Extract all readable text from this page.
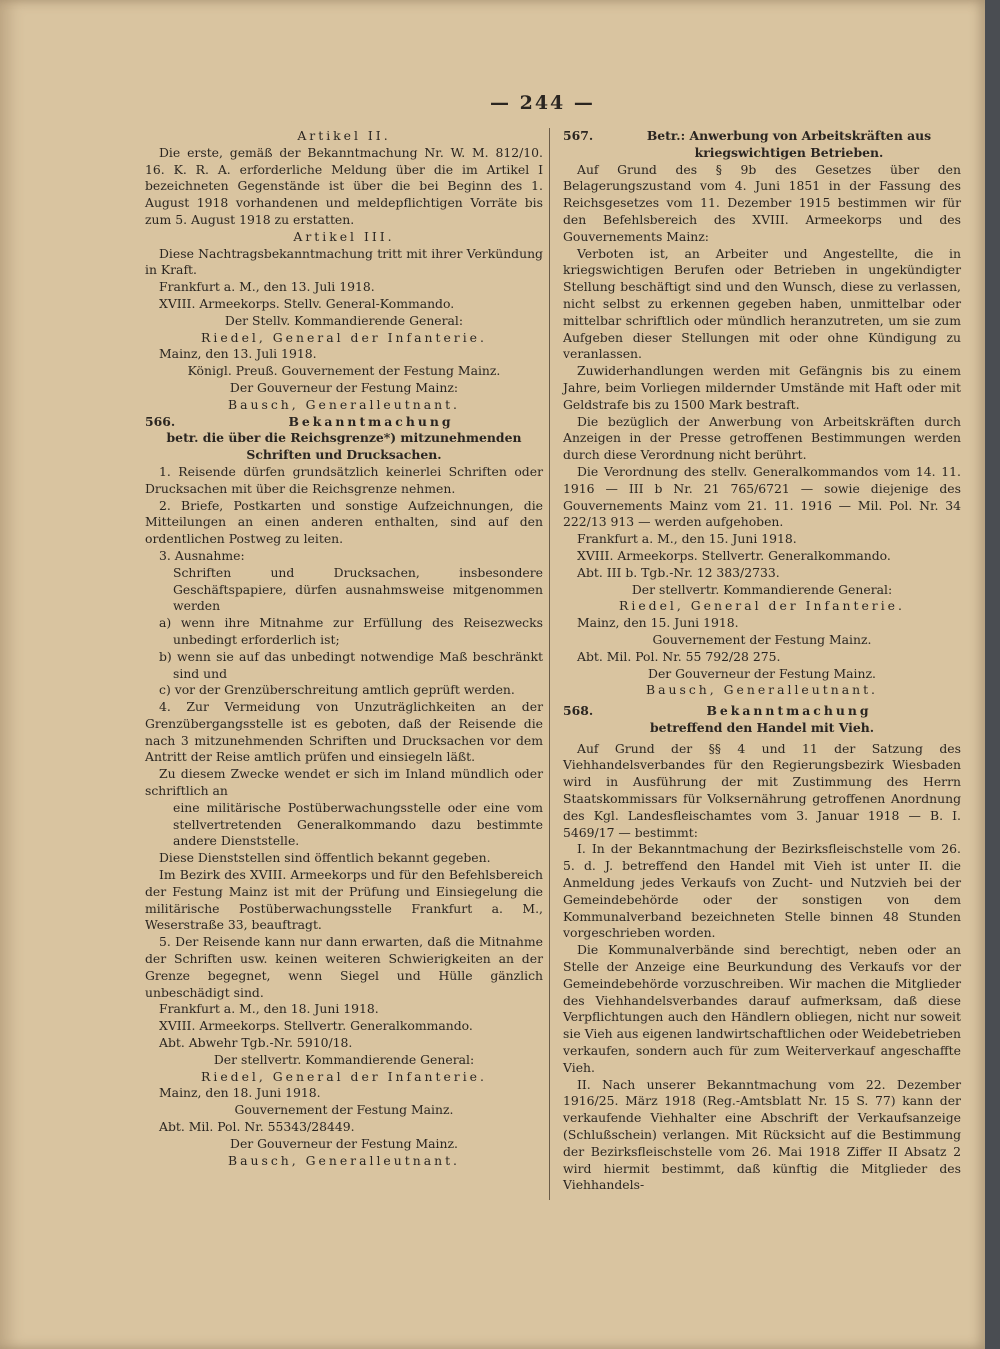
— 244 —

Artikel II.

Die erste, gemäß der Bekanntmachung Nr. W. M. 812/10. 16. K. R. A. erforderliche Meldung über die im Artikel I bezeichneten Gegenstände ist über die bei Beginn des 1. August 1918 vorhandenen und meldepflichtigen Vorräte bis zum 5. August 1918 zu erstatten.

Artikel III.

Diese Nachtragsbekanntmachung tritt mit ihrer Verkündung in Kraft.

Frankfurt a. M., den 13. Juli 1918.

XVIII. Armeekorps. Stellv. General-Kommando.

Der Stellv. Kommandierende General:

Riedel, General der Infanterie.

Mainz, den 13. Juli 1918.

Königl. Preuß. Gouvernement der Festung Mainz.

Der Gouverneur der Festung Mainz:

Bausch, Generalleutnant.

566.	Bekanntmachung

betr. die über die Reichsgrenze*) mitzunehmenden Schriften und Drucksachen.

1. Reisende dürfen grundsätzlich keinerlei Schriften oder Drucksachen mit über die Reichsgrenze nehmen.

2. Briefe, Postkarten und sonstige Aufzeichnungen, die Mitteilungen an einen anderen enthalten, sind auf den ordentlichen Postweg zu leiten.

3. Ausnahme:

Schriften und Drucksachen, insbesondere Geschäftspapiere, dürfen ausnahmsweise mitgenommen werden

a) wenn ihre Mitnahme zur Erfüllung des Reisezwecks unbedingt erforderlich ist;

b) wenn sie auf das unbedingt notwendige Maß beschränkt sind und

c) vor der Grenzüberschreitung amtlich geprüft werden.

4. Zur Vermeidung von Unzuträglichkeiten an der Grenzübergangsstelle ist es geboten, daß der Reisende die nach 3 mitzunehmenden Schriften und Drucksachen vor dem Antritt der Reise amtlich prüfen und einsiegeln läßt.

Zu diesem Zwecke wendet er sich im Inland mündlich oder schriftlich an

eine militärische Postüberwachungsstelle oder eine vom stellvertretenden Generalkommando dazu bestimmte andere Dienststelle.

Diese Dienststellen sind öffentlich bekannt gegeben.

Im Bezirk des XVIII. Armeekorps und für den Befehlsbereich der Festung Mainz ist mit der Prüfung und Einsiegelung die militärische Postüberwachungsstelle Frankfurt a. M., Weserstraße 33, beauftragt.

5. Der Reisende kann nur dann erwarten, daß die Mitnahme der Schriften usw. keinen weiteren Schwierigkeiten an der Grenze begegnet, wenn Siegel und Hülle gänzlich unbeschädigt sind.

Frankfurt a. M., den 18. Juni 1918.

XVIII. Armeekorps. Stellvertr. Generalkommando.

Abt. Abwehr Tgb.-Nr. 5910/18.

Der stellvertr. Kommandierende General:

Riedel, General der Infanterie.

Mainz, den 18. Juni 1918.

Gouvernement der Festung Mainz.

Abt. Mil. Pol. Nr. 55343/28449.

Der Gouverneur der Festung Mainz.

Bausch, Generalleutnant.

567.	Betr.: Anwerbung von Arbeitskräften aus kriegswichtigen Betrieben.

Auf Grund des § 9b des Gesetzes über den Belagerungszustand vom 4. Juni 1851 in der Fassung des Reichsgesetzes vom 11. Dezember 1915 bestimmen wir für den Befehlsbereich des XVIII. Armeekorps und des Gouvernements Mainz:

Verboten ist, an Arbeiter und Angestellte, die in kriegswichtigen Berufen oder Betrieben in ungekündigter Stellung beschäftigt sind und den Wunsch, diese zu verlassen, nicht selbst zu erkennen gegeben haben, unmittelbar oder mittelbar schriftlich oder mündlich heranzutreten, um sie zum Aufgeben dieser Stellungen mit oder ohne Kündigung zu veranlassen.

Zuwiderhandlungen werden mit Gefängnis bis zu einem Jahre, beim Vorliegen mildernder Umstände mit Haft oder mit Geldstrafe bis zu 1500 Mark bestraft.

Die bezüglich der Anwerbung von Arbeitskräften durch Anzeigen in der Presse getroffenen Bestimmungen werden durch diese Verordnung nicht berührt.

Die Verordnung des stellv. Generalkommandos vom 14. 11. 1916 — III b Nr. 21 765/6721 — sowie diejenige des Gouvernements Mainz vom 21. 11. 1916 — Mil. Pol. Nr. 34 222/13 913 — werden aufgehoben.

Frankfurt a. M., den 15. Juni 1918.

XVIII. Armeekorps. Stellvertr. Generalkommando.

Abt. III b. Tgb.-Nr. 12 383/2733.

Der stellvertr. Kommandierende General:

Riedel, General der Infanterie.

Mainz, den 15. Juni 1918.

Gouvernement der Festung Mainz.

Abt. Mil. Pol. Nr. 55 792/28 275.

Der Gouverneur der Festung Mainz.

Bausch, Generalleutnant.

568.	Bekanntmachung

betreffend den Handel mit Vieh.

Auf Grund der §§ 4 und 11 der Satzung des Viehhandelsverbandes für den Regierungsbezirk Wiesbaden wird in Ausführung der mit Zustimmung des Herrn Staatskommissars für Volksernährung getroffenen Anordnung des Kgl. Landesfleischamtes vom 3. Januar 1918 — B. I. 5469/17 — bestimmt:

I. In der Bekanntmachung der Bezirksfleischstelle vom 26. 5. d. J. betreffend den Handel mit Vieh ist unter II. die Anmeldung jedes Verkaufs von Zucht- und Nutzvieh bei der Gemeindebehörde oder der sonstigen von dem Kommunalverband bezeichneten Stelle binnen 48 Stunden vorgeschrieben worden.

Die Kommunalverbände sind berechtigt, neben oder an Stelle der Anzeige eine Beurkundung des Verkaufs vor der Gemeindebehörde vorzuschreiben. Wir machen die Mitglieder des Viehhandelsverbandes darauf aufmerksam, daß diese Verpflichtungen auch den Händlern obliegen, nicht nur soweit sie Vieh aus eigenen landwirtschaftlichen oder Weidebetrieben verkaufen, sondern auch für zum Weiterverkauf angeschaffte Vieh.

II. Nach unserer Bekanntmachung vom 22. Dezember 1916/25. März 1918 (Reg.-Amtsblatt Nr. 15 S. 77) kann der verkaufende Viehhalter eine Abschrift der Verkaufsanzeige (Schlußschein) verlangen. Mit Rücksicht auf die Bestimmung der Bezirksfleischstelle vom 26. Mai 1918 Ziffer II Absatz 2 wird hiermit bestimmt, daß künftig die Mitglieder des Viehhandels-
